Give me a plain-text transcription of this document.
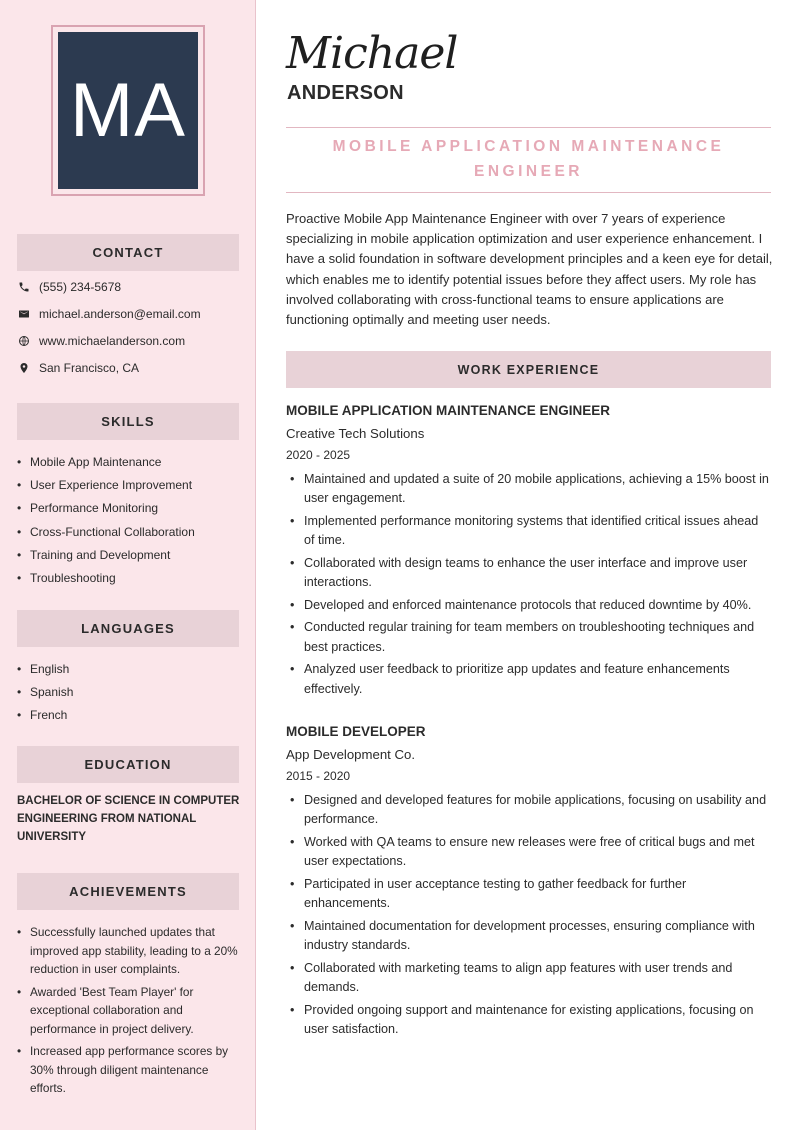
MA
CONTACT
(555) 234-5678
michael.anderson@email.com
www.michaelanderson.com
San Francisco, CA
SKILLS
• Mobile App Maintenance
• User Experience Improvement
• Performance Monitoring
• Cross-Functional Collaboration
• Training and Development
• Troubleshooting
LANGUAGES
• English
• Spanish
• French
EDUCATION
BACHELOR OF SCIENCE IN COMPUTER ENGINEERING FROM NATIONAL UNIVERSITY
ACHIEVEMENTS
• Successfully launched updates that improved app stability, leading to a 20% reduction in user complaints.
• Awarded 'Best Team Player' for exceptional collaboration and performance in project delivery.
• Increased app performance scores by 30% through diligent maintenance efforts.
Michael
ANDERSON
MOBILE APPLICATION MAINTENANCE ENGINEER

Proactive Mobile App Maintenance Engineer with over 7 years of experience specializing in mobile application optimization and user experience enhancement. I have a solid foundation in software development principles and a keen eye for detail, which enables me to identify potential issues before they affect users. My role has involved collaborating with cross-functional teams to ensure applications are functioning optimally and meeting user needs.

WORK EXPERIENCE
MOBILE APPLICATION MAINTENANCE ENGINEER
Creative Tech Solutions
2020 - 2025
• Maintained and updated a suite of 20 mobile applications, achieving a 15% boost in user engagement.
• Implemented performance monitoring systems that identified critical issues ahead of time.
• Collaborated with design teams to enhance the user interface and improve user interactions.
• Developed and enforced maintenance protocols that reduced downtime by 40%.
• Conducted regular training for team members on troubleshooting techniques and best practices.
• Analyzed user feedback to prioritize app updates and feature enhancements effectively.
MOBILE DEVELOPER
App Development Co.
2015 - 2020
• Designed and developed features for mobile applications, focusing on usability and performance.
• Worked with QA teams to ensure new releases were free of critical bugs and met user expectations.
• Participated in user acceptance testing to gather feedback for further enhancements.
• Maintained documentation for development processes, ensuring compliance with industry standards.
• Collaborated with marketing teams to align app features with user trends and demands.
• Provided ongoing support and maintenance for existing applications, focusing on user satisfaction.
